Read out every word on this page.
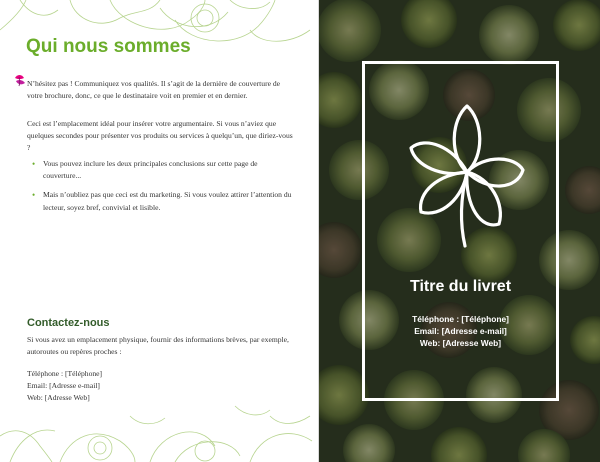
Qui nous sommes

N’hésitez pas ! Communiquez vos qualités. Il s’agit de la dernière de couverture de votre brochure, donc, ce que le destinataire voit en premier et en dernier.

Ceci est l’emplacement idéal pour insérer votre argumentaire. Si vous n’aviez que quelques secondes pour présenter vos produits ou services à quelqu’un, que diriez-vous ?

• Vous pouvez inclure les deux principales conclusions sur cette page de couverture...
• Mais n’oubliez pas que ceci est du marketing. Si vous voulez attirer l’attention du lecteur, soyez bref, convivial et lisible.
Contactez-nous

Si vous avez un emplacement physique, fournir des informations brèves, par exemple, autoroutes ou repères proches :

Téléphone : [Téléphone]
Email: [Adresse e-mail]
Web: [Adresse Web]
Titre du livret
Téléphone : [Téléphone]
Email: [Adresse e-mail]
Web: [Adresse Web]
